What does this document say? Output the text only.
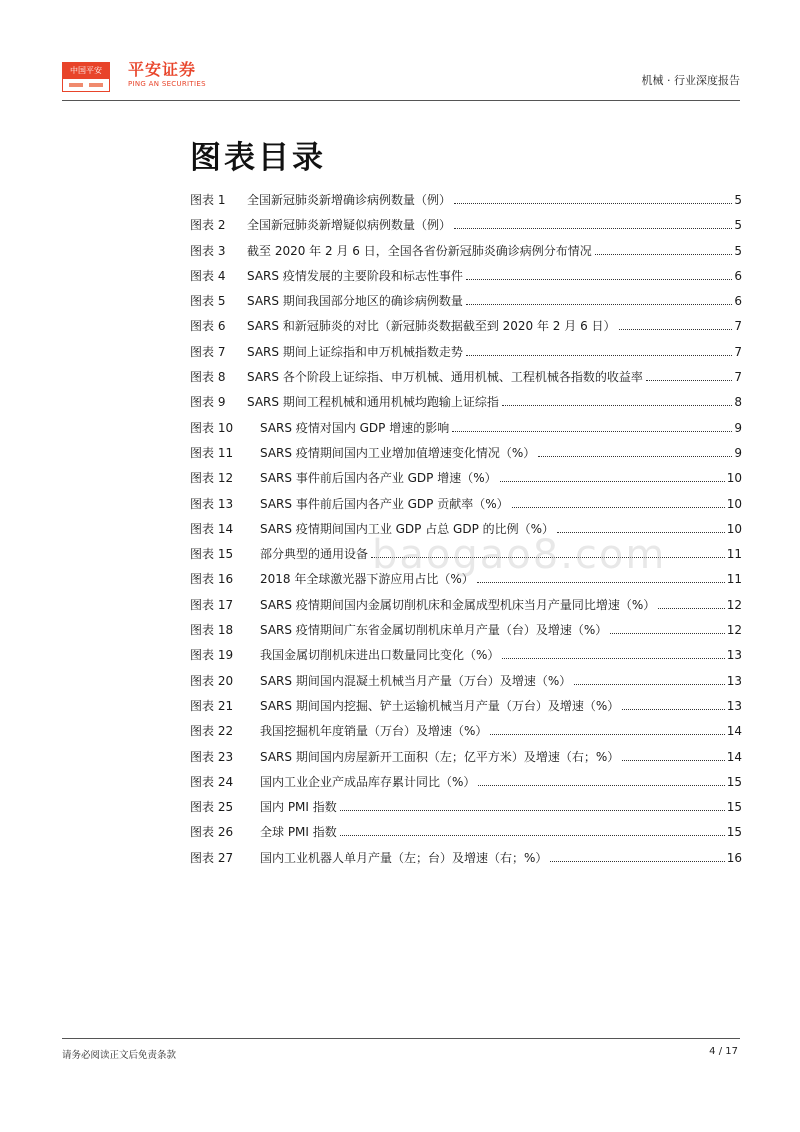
中国平安	平安证券
PING AN SECURITIES	机械 · 行业深度报告
图表目录
图表 1	全国新冠肺炎新增确诊病例数量（例）	5
图表 2	全国新冠肺炎新增疑似病例数量（例）	5
图表 3	截至 2020 年 2 月 6 日，全国各省份新冠肺炎确诊病例分布情况	5
图表 4	SARS 疫情发展的主要阶段和标志性事件	6
图表 5	SARS 期间我国部分地区的确诊病例数量	6
图表 6	SARS 和新冠肺炎的对比（新冠肺炎数据截至到 2020 年 2 月 6 日）	7
图表 7	SARS 期间上证综指和申万机械指数走势	7
图表 8	SARS 各个阶段上证综指、申万机械、通用机械、工程机械各指数的收益率	7
图表 9	SARS 期间工程机械和通用机械均跑输上证综指	8
图表 10	SARS 疫情对国内 GDP 增速的影响	9
图表 11	SARS 疫情期间国内工业增加值增速变化情况（%）	9
图表 12	SARS 事件前后国内各产业 GDP 增速（%）	10
图表 13	SARS 事件前后国内各产业 GDP 贡献率（%）	10
图表 14	SARS 疫情期间国内工业 GDP 占总 GDP 的比例（%）	10
图表 15	部分典型的通用设备	11
图表 16	2018 年全球激光器下游应用占比（%）	11
图表 17	SARS 疫情期间国内金属切削机床和金属成型机床当月产量同比增速（%）	12
图表 18	SARS 疫情期间广东省金属切削机床单月产量（台）及增速（%）	12
图表 19	我国金属切削机床进出口数量同比变化（%）	13
图表 20	SARS 期间国内混凝土机械当月产量（万台）及增速（%）	13
图表 21	SARS 期间国内挖掘、铲土运输机械当月产量（万台）及增速（%）	13
图表 22	我国挖掘机年度销量（万台）及增速（%）	14
图表 23	SARS 期间国内房屋新开工面积（左；亿平方米）及增速（右；%）	14
图表 24	国内工业企业产成品库存累计同比（%）	15
图表 25	国内 PMI 指数	15
图表 26	全球 PMI 指数	15
图表 27	国内工业机器人单月产量（左；台）及增速（右；%）	16
baogao8.com
请务必阅读正文后免责条款	4 / 17
